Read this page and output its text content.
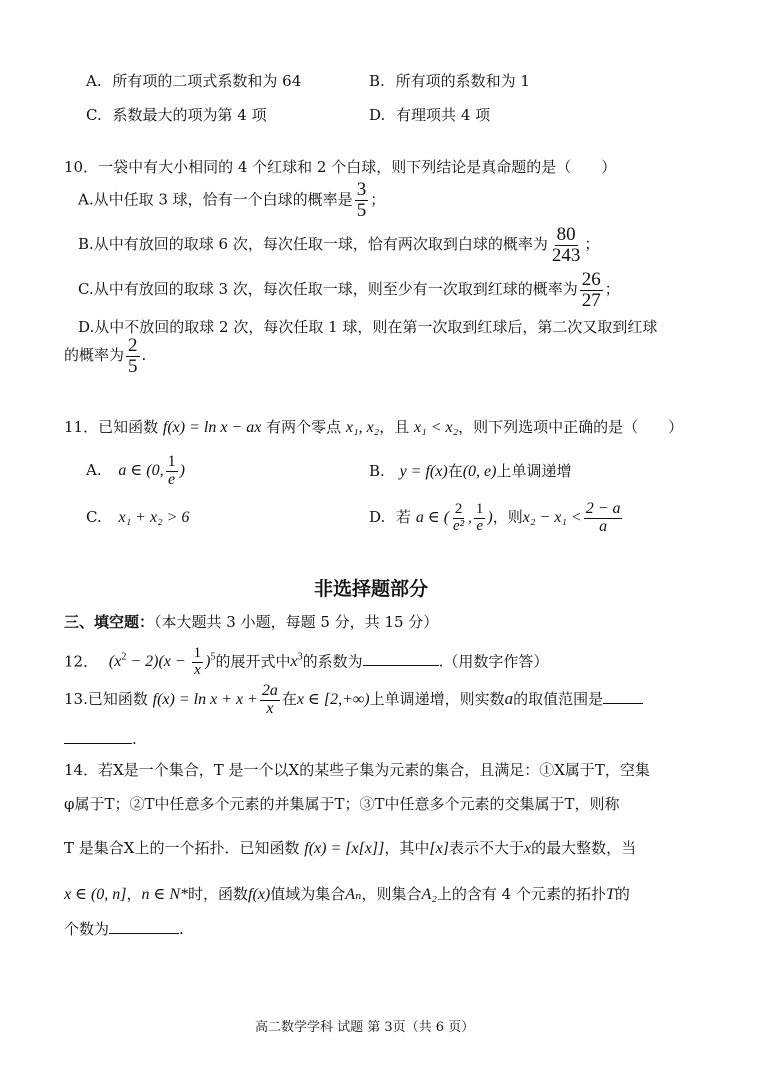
A. 所有项的二项式系数和为 64	B. 所有项的系数和为 1
C. 系数最大的项为第 4 项	D. 有理项共 4 项
10．一袋中有大小相同的 4 个红球和 2 个白球，则下列结论是真命题的是（　　）
A.从中任取 3 球，恰有一个白球的概率是 $\frac{3}{5}$ ；
B.从中有放回的取球 6 次，每次任取一球，恰有两次取到白球的概率为 $\frac{80}{243}$ ；
C.从中有放回的取球 3 次，每次任取一球，则至少有一次取到红球的概率为 $\frac{26}{27}$ ；
D.从中不放回的取球 2 次，每次任取 1 球，则在第一次取到红球后，第二次又取到红球
的概率为 $\frac{2}{5}$ .
11．已知函数 f(x) = ln x − ax 有两个零点 x₁, x₂，且 x₁ < x₂，则下列选项中正确的是（　　）
A. a ∈ (0, $\frac{1}{e}$ )	B. y = f(x)在(0, e)上单调递增
C. x₁ + x₂ > 6	D. 若 a ∈ ( $\frac{2}{\text{e²}}$ , $\frac{1}{e}$ )，则$x_2 - x_1 < \frac{2 - a}{a}$
非选择题部分
三、填空题：（本大题共 3 小题，每题 5 分，共 15 分）
12． $(x^2 - 2)(x - \frac{1}{x} )^5$的展开式中$x^3$的系数为	.（用数字作答）
13.已知函数 $f(x) = \ln x + x + \frac{2a}{x}$ 在x ∈ [2,+∞)上单调递增，则实数a的取值范围是
.
14．若X是一个集合，T 是一个以X的某些子集为元素的集合，且满足：①X属于T，空集
φ属于T；②T中任意多个元素的并集属于T；③T中任意多个元素的交集属于T，则称
T 是集合X上的一个拓扑．已知函数 f(x) = [x[x]]，其中[x]表示不大于x的最大整数，当
x ∈ (0, n]，n ∈ N*时，函数f(x)值域为集合Aₙ，则集合A₂上的含有 4 个元素的拓扑T的
个数为	.
高二数学学科 试题 第 3页（共 6 页）
